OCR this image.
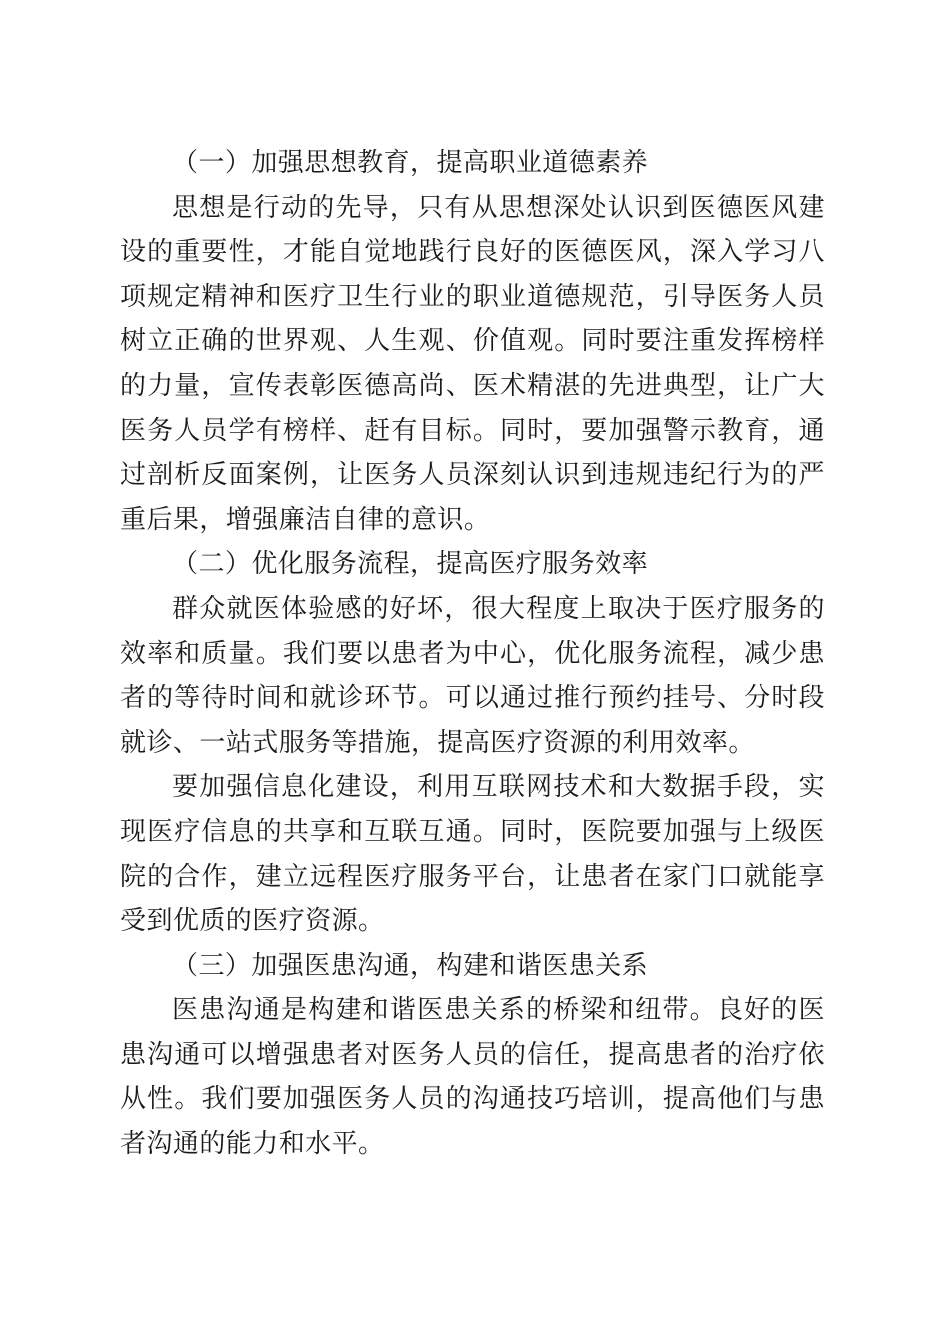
（一）加强思想教育，提高职业道德素养

思想是行动的先导，只有从思想深处认识到医德医风建设的重要性，才能自觉地践行良好的医德医风，深入学习八项规定精神和医疗卫生行业的职业道德规范，引导医务人员树立正确的世界观、人生观、价值观。同时要注重发挥榜样的力量，宣传表彰医德高尚、医术精湛的先进典型，让广大医务人员学有榜样、赶有目标。同时，要加强警示教育，通过剖析反面案例，让医务人员深刻认识到违规违纪行为的严重后果，增强廉洁自律的意识。

（二）优化服务流程，提高医疗服务效率

群众就医体验感的好坏，很大程度上取决于医疗服务的效率和质量。我们要以患者为中心，优化服务流程，减少患者的等待时间和就诊环节。可以通过推行预约挂号、分时段就诊、一站式服务等措施，提高医疗资源的利用效率。

要加强信息化建设，利用互联网技术和大数据手段，实现医疗信息的共享和互联互通。同时，医院要加强与上级医院的合作，建立远程医疗服务平台，让患者在家门口就能享受到优质的医疗资源。

（三）加强医患沟通，构建和谐医患关系

医患沟通是构建和谐医患关系的桥梁和纽带。良好的医患沟通可以增强患者对医务人员的信任，提高患者的治疗依从性。我们要加强医务人员的沟通技巧培训，提高他们与患者沟通的能力和水平。
